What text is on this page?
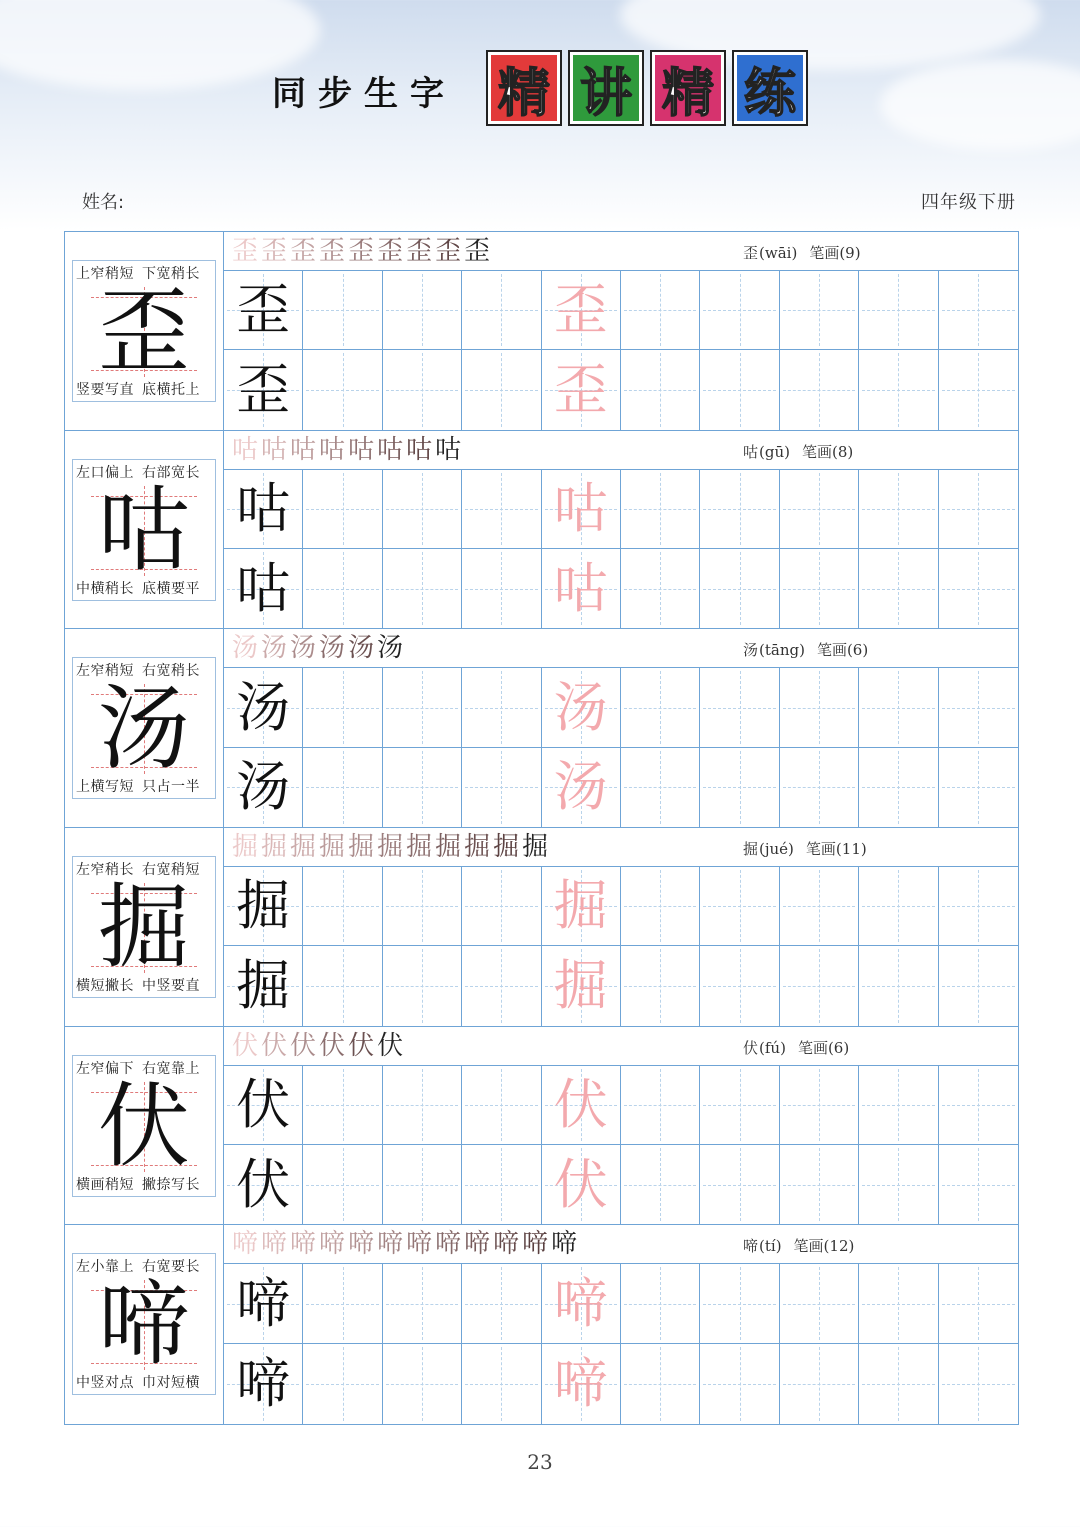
同步生字 精 讲 精 练
姓名:	四年级下册
上窄稍短 下宽稍长
歪
竖要写直 底横托上
歪 歪 歪 歪 歪 歪 歪 歪 歪	歪(wāi) 笔画(9)
歪	歪
歪	歪
左口偏上 右部宽长
咕
中横稍长 底横要平
咕 咕 咕 咕 咕 咕 咕 咕	咕(gū) 笔画(8)
咕	咕
咕	咕
左窄稍短 右宽稍长
汤
上横写短 只占一半
汤 汤 汤 汤 汤 汤	汤(tāng) 笔画(6)
汤	汤
汤	汤
左窄稍长 右宽稍短
掘
横短撇长 中竖要直
掘 掘 掘 掘 掘 掘 掘 掘 掘 掘 掘	掘(jué) 笔画(11)
掘	掘
掘	掘
左窄偏下 右宽靠上
伏
横画稍短 撇捺写长
伏 伏 伏 伏 伏 伏	伏(fú) 笔画(6)
伏	伏
伏	伏
左小靠上 右宽要长
啼
中竖对点 巾对短横
啼 啼 啼 啼 啼 啼 啼 啼 啼 啼 啼 啼	啼(tí) 笔画(12)
啼	啼
啼	啼
23
